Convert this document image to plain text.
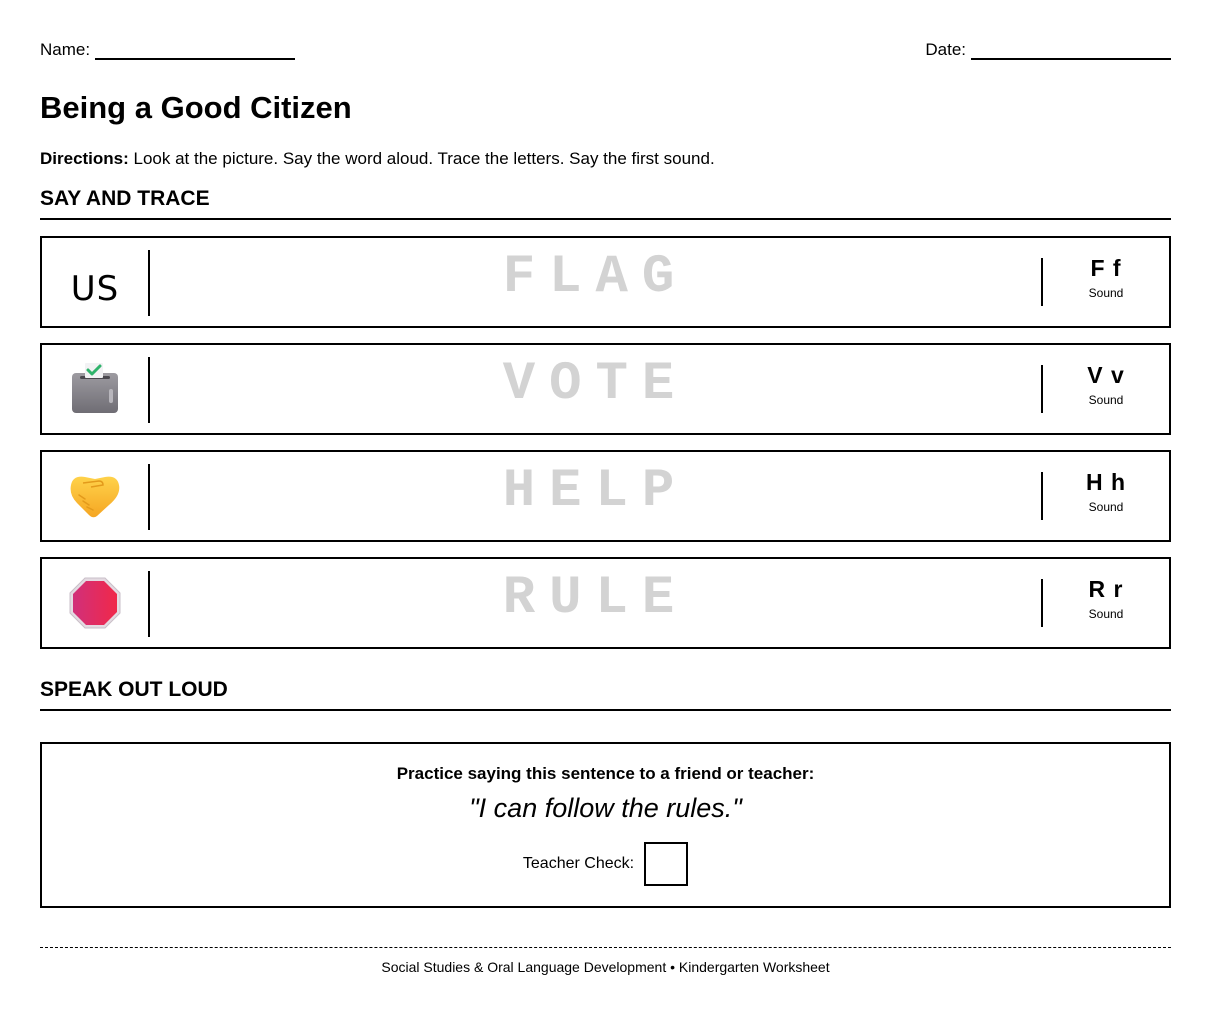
Name:	Date:
Being a Good Citizen
Directions: Look at the picture. Say the word aloud. Trace the letters. Say the first sound.
SAY AND TRACE
US	FLAG	F f
Sound
VOTE	V v
Sound
HELP	H h
Sound
RULE	R r
Sound
SPEAK OUT LOUD
Practice saying this sentence to a friend or teacher:
"I can follow the rules."
Teacher Check:
Social Studies & Oral Language Development • Kindergarten Worksheet
